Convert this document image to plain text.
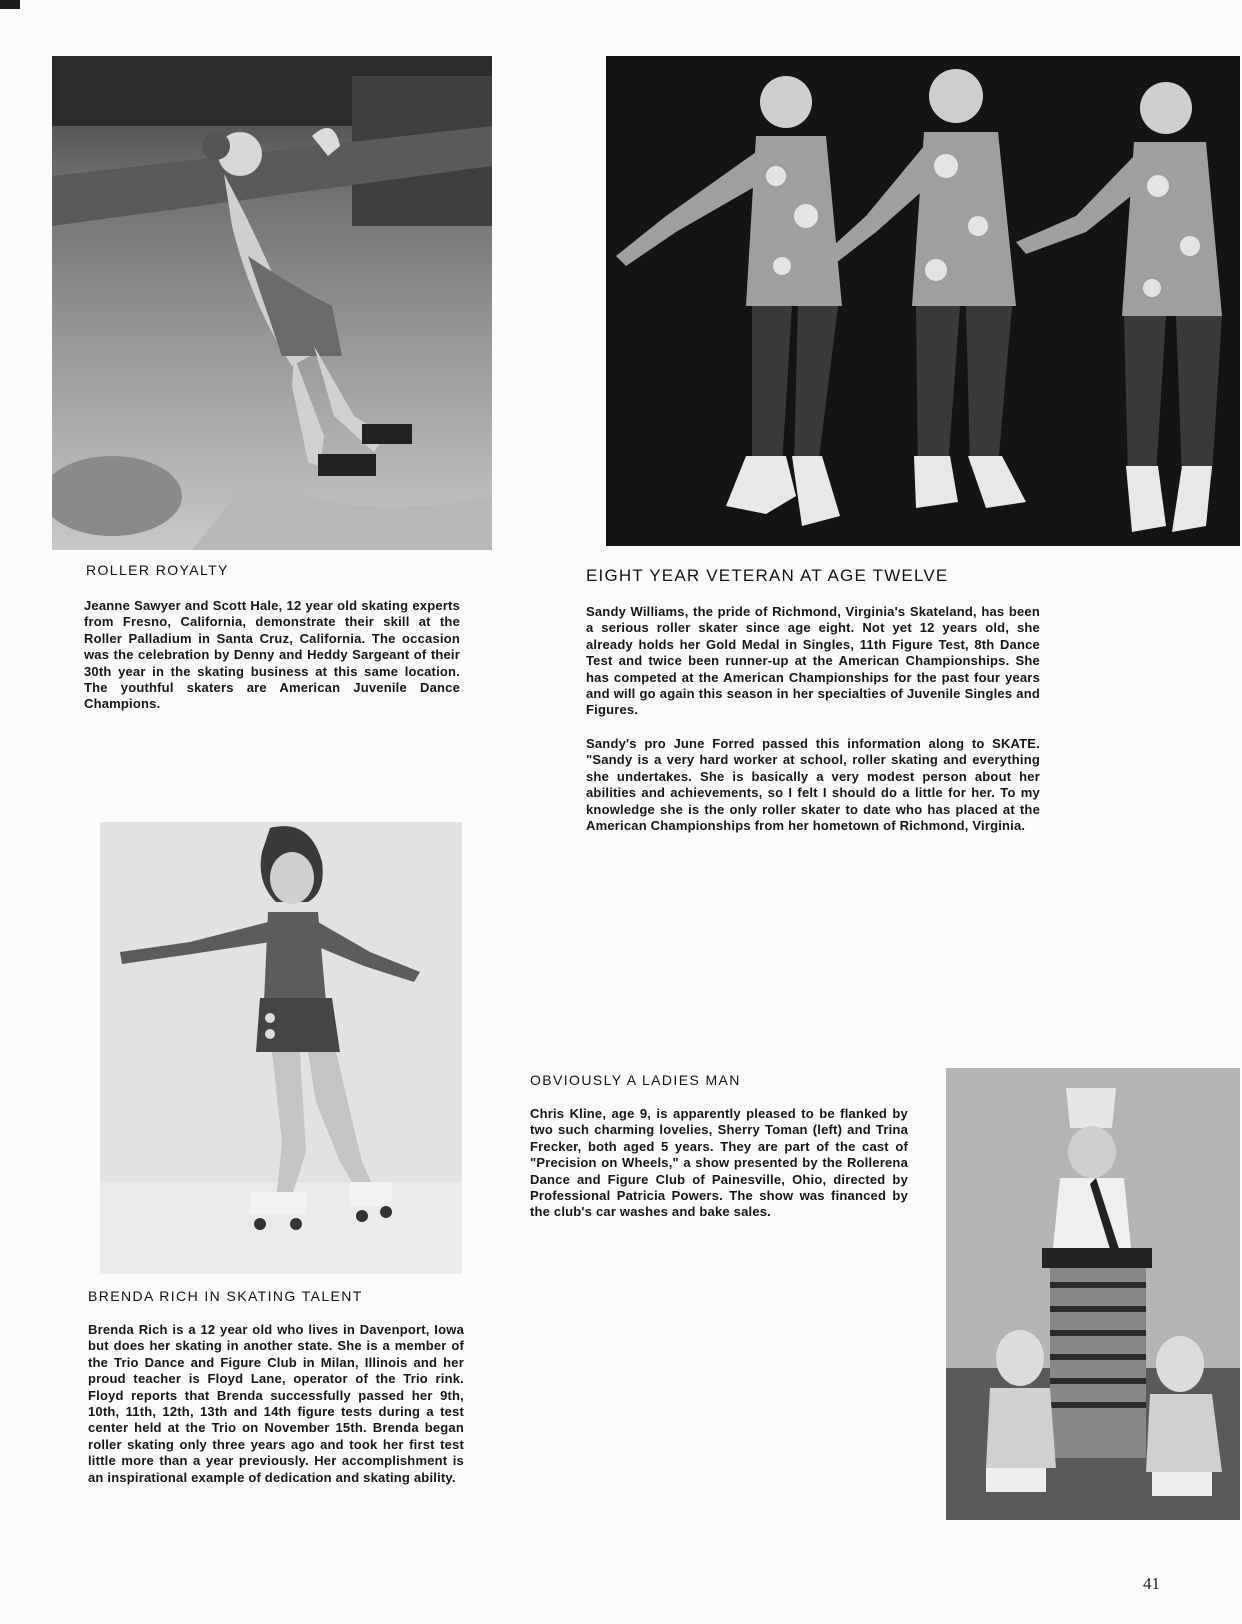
ROLLER ROYALTY

Jeanne Sawyer and Scott Hale, 12 year old skating experts from Fresno, California, demonstrate their skill at the Roller Palladium in Santa Cruz, California. The occasion was the celebration by Denny and Heddy Sargeant of their 30th year in the skating business at this same location. The youthful skaters are American Juvenile Dance Champions.

EIGHT YEAR VETERAN AT AGE TWELVE

Sandy Williams, the pride of Richmond, Virginia's Skateland, has been a serious roller skater since age eight. Not yet 12 years old, she already holds her Gold Medal in Singles, 11th Figure Test, 8th Dance Test and twice been runner-up at the American Championships. She has competed at the American Championships for the past four years and will go again this season in her specialties of Juvenile Singles and Figures.

Sandy's pro June Forred passed this information along to SKATE. "Sandy is a very hard worker at school, roller skating and everything she undertakes. She is basically a very modest person about her abilities and achievements, so I felt I should do a little for her. To my knowledge she is the only roller skater to date who has placed at the American Championships from her hometown of Richmond, Virginia.

BRENDA RICH IN SKATING TALENT

Brenda Rich is a 12 year old who lives in Davenport, Iowa but does her skating in another state. She is a member of the Trio Dance and Figure Club in Milan, Illinois and her proud teacher is Floyd Lane, operator of the Trio rink. Floyd reports that Brenda successfully passed her 9th, 10th, 11th, 12th, 13th and 14th figure tests during a test center held at the Trio on November 15th. Brenda began roller skating only three years ago and took her first test little more than a year previously. Her accomplishment is an inspirational example of dedication and skating ability.

OBVIOUSLY A LADIES MAN

Chris Kline, age 9, is apparently pleased to be flanked by two such charming lovelies, Sherry Toman (left) and Trina Frecker, both aged 5 years. They are part of the cast of "Precision on Wheels," a show presented by the Rollerena Dance and Figure Club of Painesville, Ohio, directed by Professional Patricia Powers. The show was financed by the club's car washes and bake sales.

41
